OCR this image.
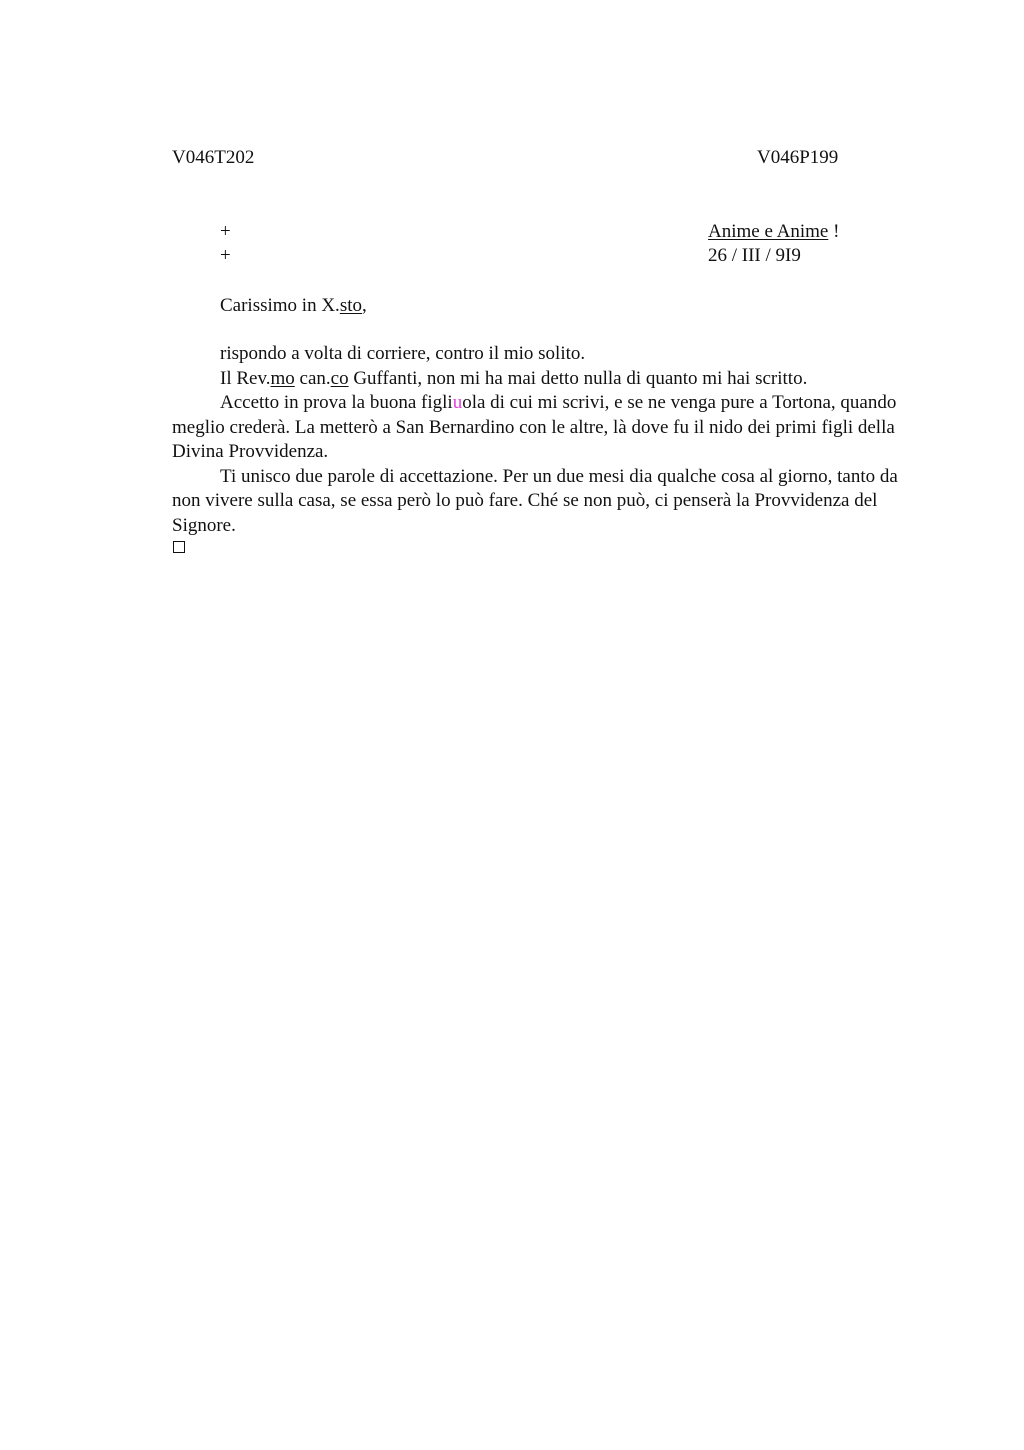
V046T202	V046P199
+
+
Anime e Anime !
26 / III / 9I9
Carissimo in X.sto,

rispondo a volta di corriere, contro il mio solito.

Il Rev.mo can.co Guffanti, non mi ha mai detto nulla di quanto mi hai scritto.

Accetto in prova la buona figliuola di cui mi scrivi, e se ne venga pure a Tortona, quando meglio crederà. La metterò a San Bernardino con le altre, là dove fu il nido dei primi figli della Divina Provvidenza.

Ti unisco due parole di accettazione. Per un due mesi dia qualche cosa al giorno, tanto da non vivere sulla casa, se essa però lo può fare. Ché se non può, ci penserà la Provvidenza del Signore.
